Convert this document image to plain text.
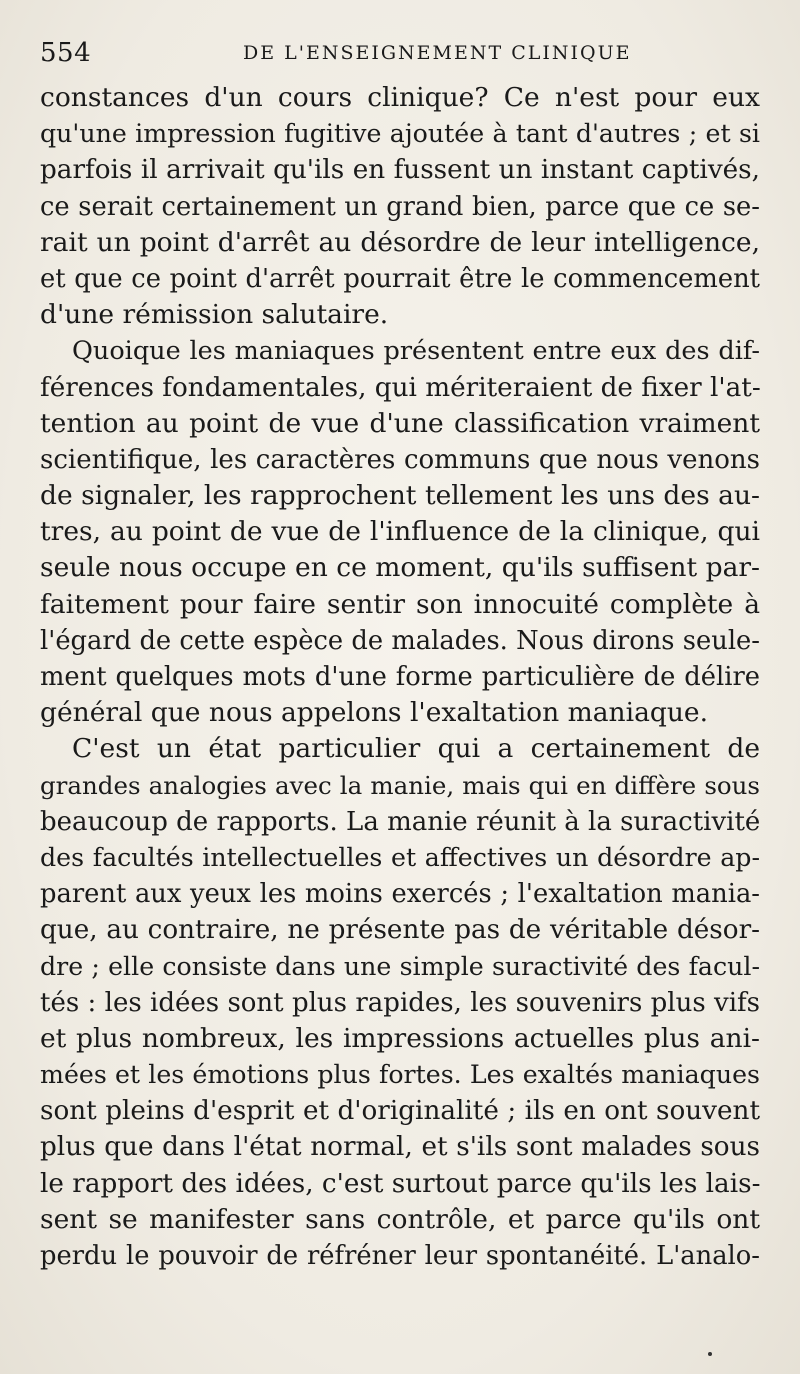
554	DE L'ENSEIGNEMENT CLINIQUE
constances d'un cours clinique? Ce n'est pour eux
qu'une impression fugitive ajoutée à tant d'autres ; et si
parfois il arrivait qu'ils en fussent un instant captivés,
ce serait certainement un grand bien, parce que ce se-
rait un point d'arrêt au désordre de leur intelligence,
et que ce point d'arrêt pourrait être le commencement
d'une rémission salutaire.
Quoique les maniaques présentent entre eux des dif-
férences fondamentales, qui mériteraient de fixer l'at-
tention au point de vue d'une classification vraiment
scientifique, les caractères communs que nous venons
de signaler, les rapprochent tellement les uns des au-
tres, au point de vue de l'influence de la clinique, qui
seule nous occupe en ce moment, qu'ils suffisent par-
faitement pour faire sentir son innocuité complète à
l'égard de cette espèce de malades. Nous dirons seule-
ment quelques mots d'une forme particulière de délire
général que nous appelons l'exaltation maniaque.
C'est un état particulier qui a certainement de
grandes analogies avec la manie, mais qui en diffère sous
beaucoup de rapports. La manie réunit à la suractivité
des facultés intellectuelles et affectives un désordre ap-
parent aux yeux les moins exercés ; l'exaltation mania-
que, au contraire, ne présente pas de véritable désor-
dre ; elle consiste dans une simple suractivité des facul-
tés : les idées sont plus rapides, les souvenirs plus vifs
et plus nombreux, les impressions actuelles plus ani-
mées et les émotions plus fortes. Les exaltés maniaques
sont pleins d'esprit et d'originalité ; ils en ont souvent
plus que dans l'état normal, et s'ils sont malades sous
le rapport des idées, c'est surtout parce qu'ils les lais-
sent se manifester sans contrôle, et parce qu'ils ont
perdu le pouvoir de réfréner leur spontanéité. L'analo-
